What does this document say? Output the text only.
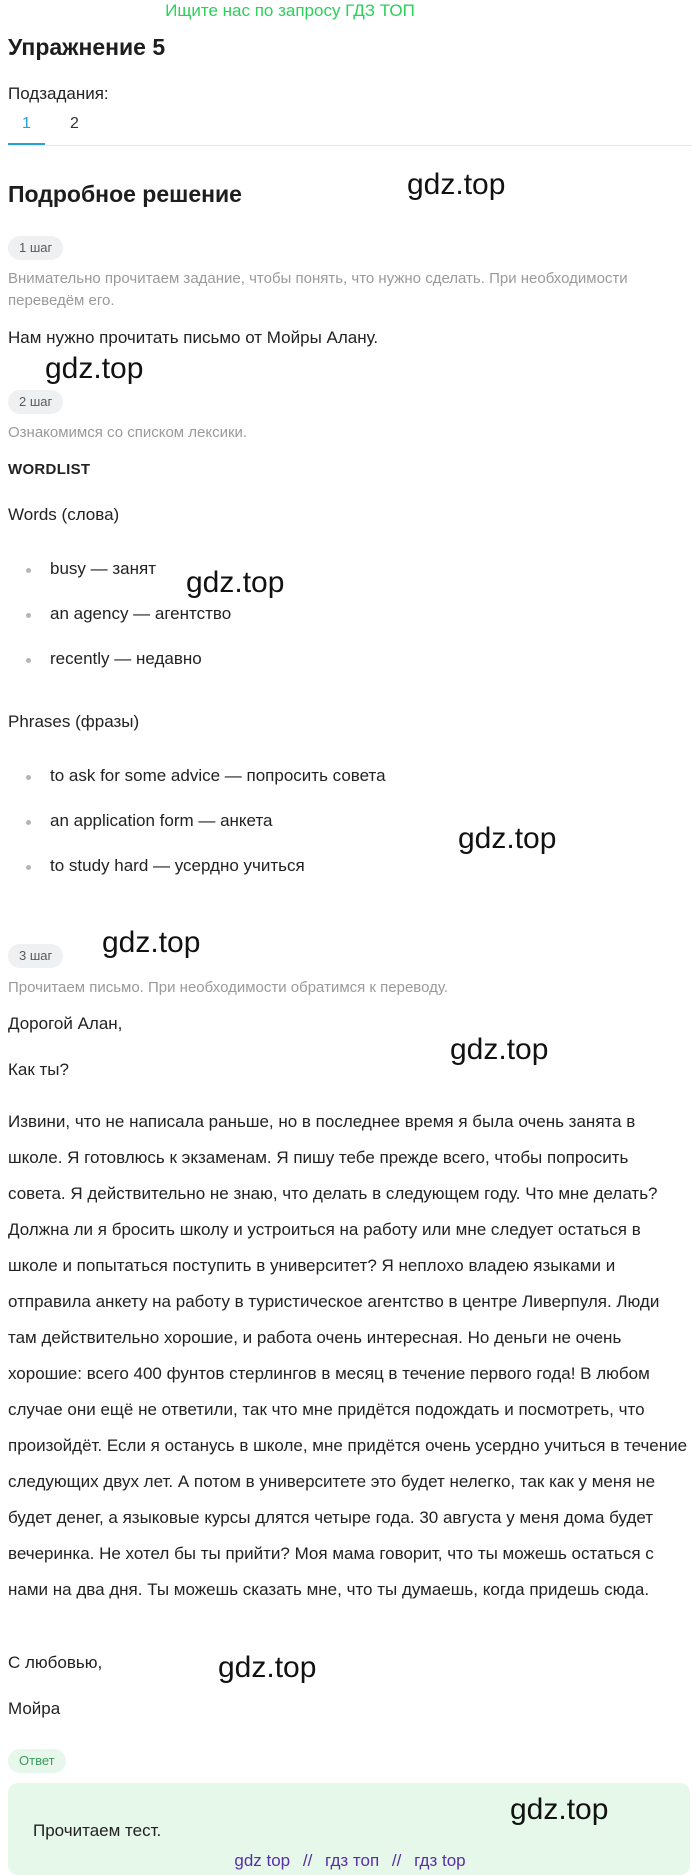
Ищите нас по запросу ГДЗ ТОП
Упражнение 5
Подзадания:
1 2
Подробное решение
1 шаг
Внимательно прочитаем задание, чтобы понять, что нужно сделать. При необходимости переведём его.
Нам нужно прочитать письмо от Мойры Алану.
2 шаг
Ознакомимся со списком лексики.
WORDLIST
Words (слова)
busy — занят
an agency — агентство
recently — недавно
Phrases (фразы)
to ask for some advice — попросить совета
an application form — анкета
to study hard — усердно учиться
3 шаг
Прочитаем письмо. При необходимости обратимся к переводу.
Дорогой Алан,
Как ты?
Извини, что не написала раньше, но в последнее время я была очень занята в школе. Я готовлюсь к экзаменам. Я пишу тебе прежде всего, чтобы попросить совета. Я действительно не знаю, что делать в следующем году. Что мне делать? Должна ли я бросить школу и устроиться на работу или мне следует остаться в школе и попытаться поступить в университет? Я неплохо владею языками и отправила анкету на работу в туристическое агентство в центре Ливерпуля. Люди там действительно хорошие, и работа очень интересная. Но деньги не очень хорошие: всего 400 фунтов стерлингов в месяц в течение первого года! В любом случае они ещё не ответили, так что мне придётся подождать и посмотреть, что произойдёт. Если я останусь в школе, мне придётся очень усердно учиться в течение следующих двух лет. А потом в университете это будет нелегко, так как у меня не будет денег, а языковые курсы длятся четыре года. 30 августа у меня дома будет вечеринка. Не хотел бы ты прийти? Моя мама говорит, что ты можешь остаться с нами на два дня. Ты можешь сказать мне, что ты думаешь, когда придешь сюда.
С любовью,
Мойра
Ответ
Прочитаем тест.
gdz.top
gdz.top
gdz.top
gdz.top
gdz.top
gdz.top
gdz.top
gdz.top
gdz top // гдз топ // гдз top
